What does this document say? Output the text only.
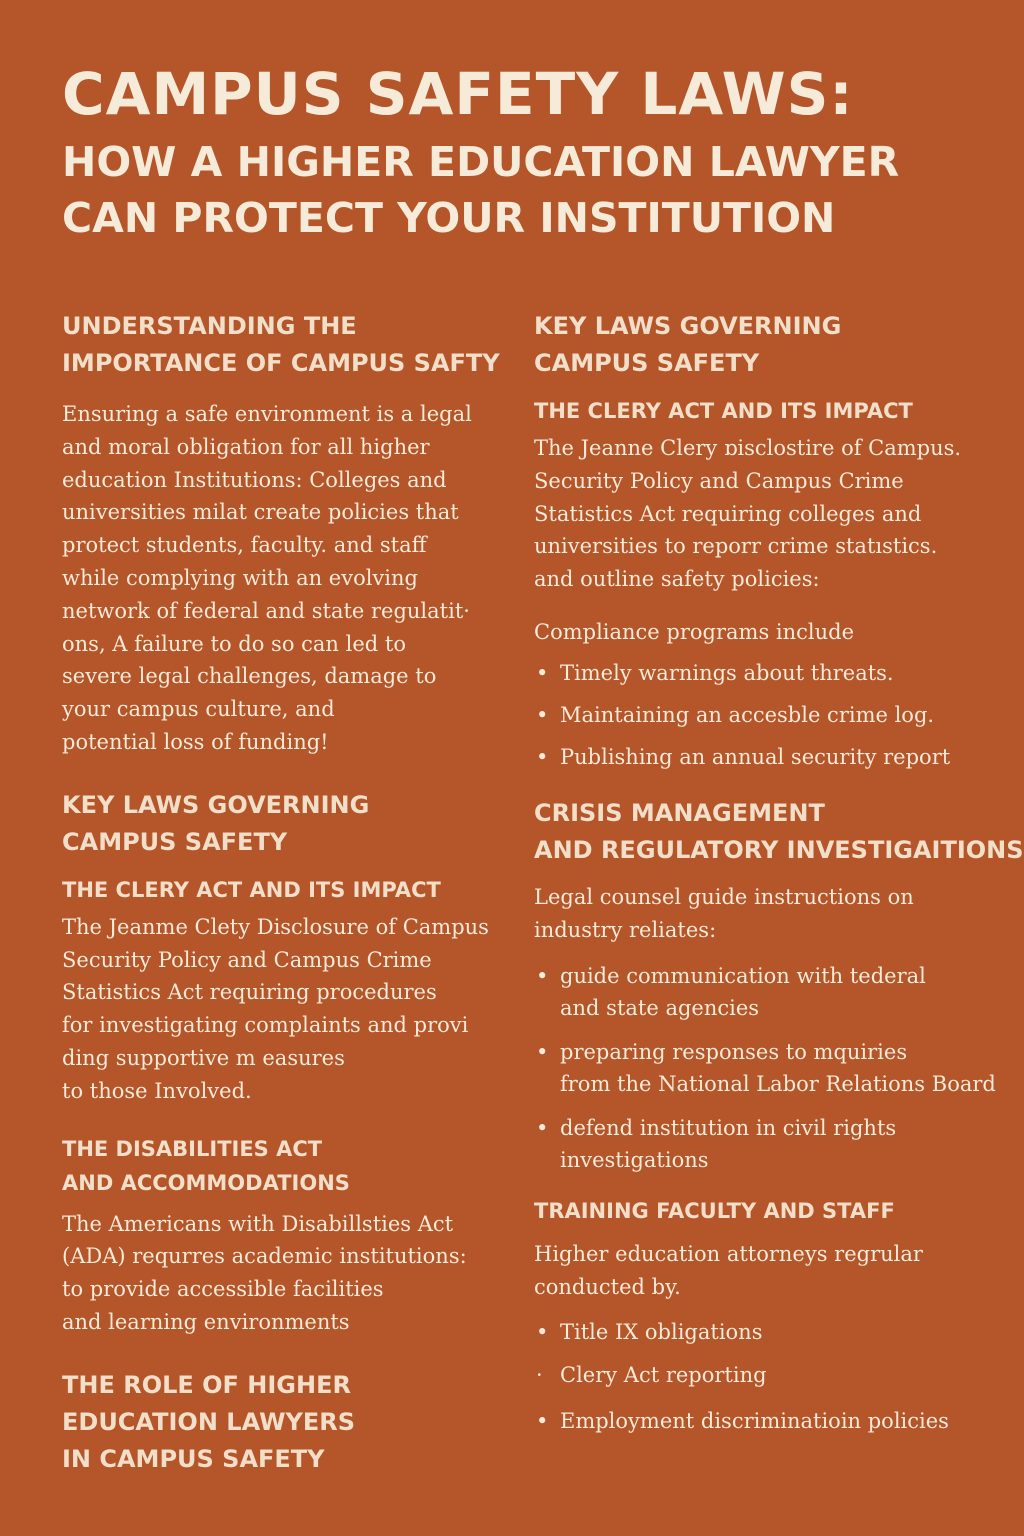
CAMPUS SAFETY LAWS:
HOW A HIGHER EDUCATION LAWYER
CAN PROTECT YOUR INSTITUTION
UNDERSTANDING THE
IMPORTANCE OF CAMPUS SAFTY
Ensuring a safe environment is a legal
and moral obligation for all higher
education Institutions: Colleges and
universities milat create policies that
protect students, faculty. and staff
while complying with an evolving
network of federal and state regulatit·
ons, A failure to do so can led to
severe legal challenges, damage to
your campus culture, and
potential loss of funding!
KEY LAWS GOVERNING
CAMPUS SAFETY
THE CLERY ACT AND ITS IMPACT
The Jeanme Clety Disclosure of Campus
Security Policy and Campus Crime
Statistics Act requiring procedures
for investigating complaints and provi
ding supportive m easures
to those Involved.
THE DISABILITIES ACT
AND ACCOMMODATIONS
The Americans with Disabillsties Act
(ADA) requrres academic institutions:
to provide accessible facilities
and learning environments
THE ROLE OF HIGHER
EDUCATION LAWYERS
IN CAMPUS SAFETY
KEY LAWS GOVERNING
CAMPUS SAFETY
THE CLERY ACT AND ITS IMPACT
The Jeanne Clery ɒisclostire of Campus.
Security Policy and Campus Crime
Statistics Act requiring colleges and
universities to reporr crime statıstics.
and outline safety policies:
Compliance programs include
• Timely warnings about threats.
• Maintaining an accesble crime log.
• Publishing an annual security report
CRISIS MANAGEMENT
AND REGULATORY INVESTIGAITIONS
Legal counsel guide instructions on
industry reliates:
• guide communication with tederal
and state agencies
• preparing responses to mquiries
from the National Labor Relations Board
• defend institution in civil rights
investigations
TRAINING FACULTY AND STAFF
Higher education attorneys regrular
conducted by.
• Title IX obligations
· Clery Act reporting
• Employment discriminatioin policies
